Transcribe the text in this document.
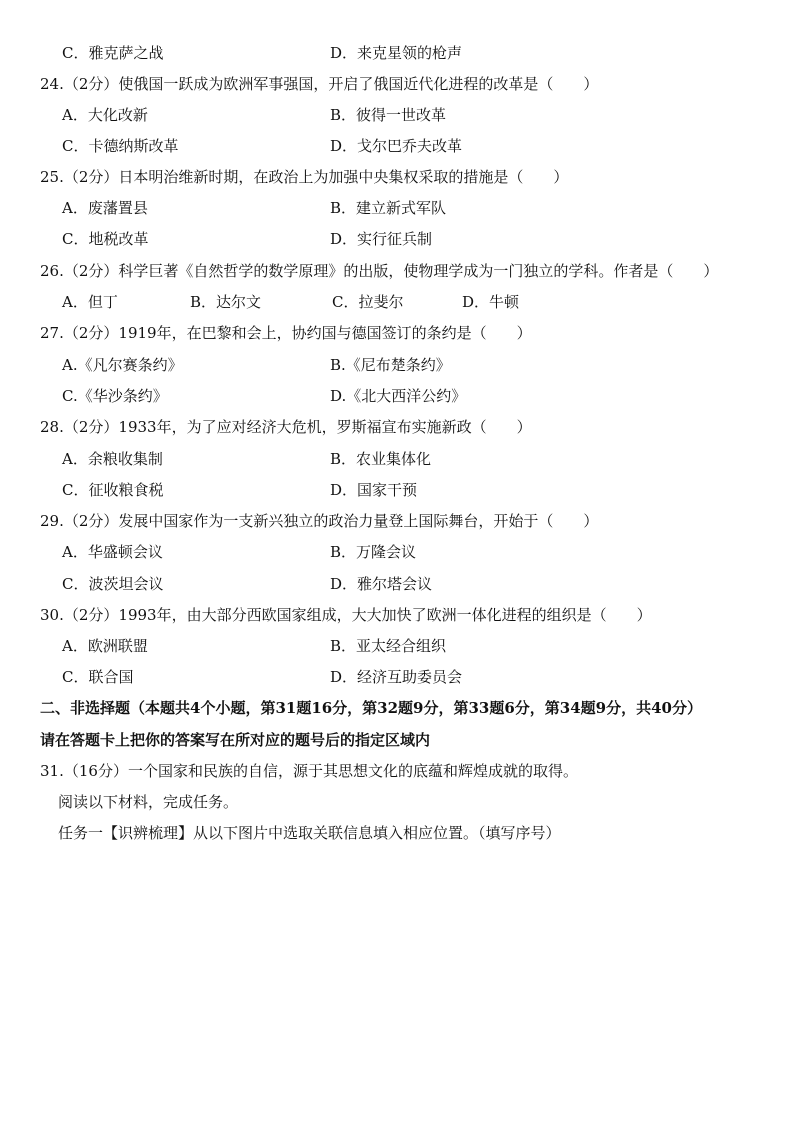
C．雅克萨之战	D．来克星领的枪声
24.（2分）使俄国一跃成为欧洲军事强国，开启了俄国近代化进程的改革是（　　）
A．大化改新	B．彼得一世改革
C．卡德纳斯改革	D．戈尔巴乔夫改革
25.（2分）日本明治维新时期，在政治上为加强中央集权采取的措施是（　　）
A．废藩置县	B．建立新式军队
C．地税改革	D．实行征兵制
26.（2分）科学巨著《自然哲学的数学原理》的出版，使物理学成为一门独立的学科。作者是（　　）
A．但丁	B．达尔文	C．拉斐尔	D．牛顿
27.（2分）1919年，在巴黎和会上，协约国与德国签订的条约是（　　）
A.《凡尔赛条约》	B.《尼布楚条约》
C.《华沙条约》	D.《北大西洋公约》
28.（2分）1933年，为了应对经济大危机，罗斯福宣布实施新政（　　）
A．余粮收集制	B．农业集体化
C．征收粮食税	D．国家干预
29.（2分）发展中国家作为一支新兴独立的政治力量登上国际舞台，开始于（　　）
A．华盛顿会议	B．万隆会议
C．波茨坦会议	D．雅尔塔会议
30.（2分）1993年，由大部分西欧国家组成，大大加快了欧洲一体化进程的组织是（　　）
A．欧洲联盟	B．亚太经合组织
C．联合国	D．经济互助委员会
二、非选择题（本题共4个小题，第31题16分，第32题9分，第33题6分，第34题9分，共40分）
请在答题卡上把你的答案写在所对应的题号后的指定区域内
31.（16分）一个国家和民族的自信，源于其思想文化的底蕴和辉煌成就的取得。
阅读以下材料，完成任务。
任务一【识辨梳理】从以下图片中选取关联信息填入相应位置。（填写序号）
